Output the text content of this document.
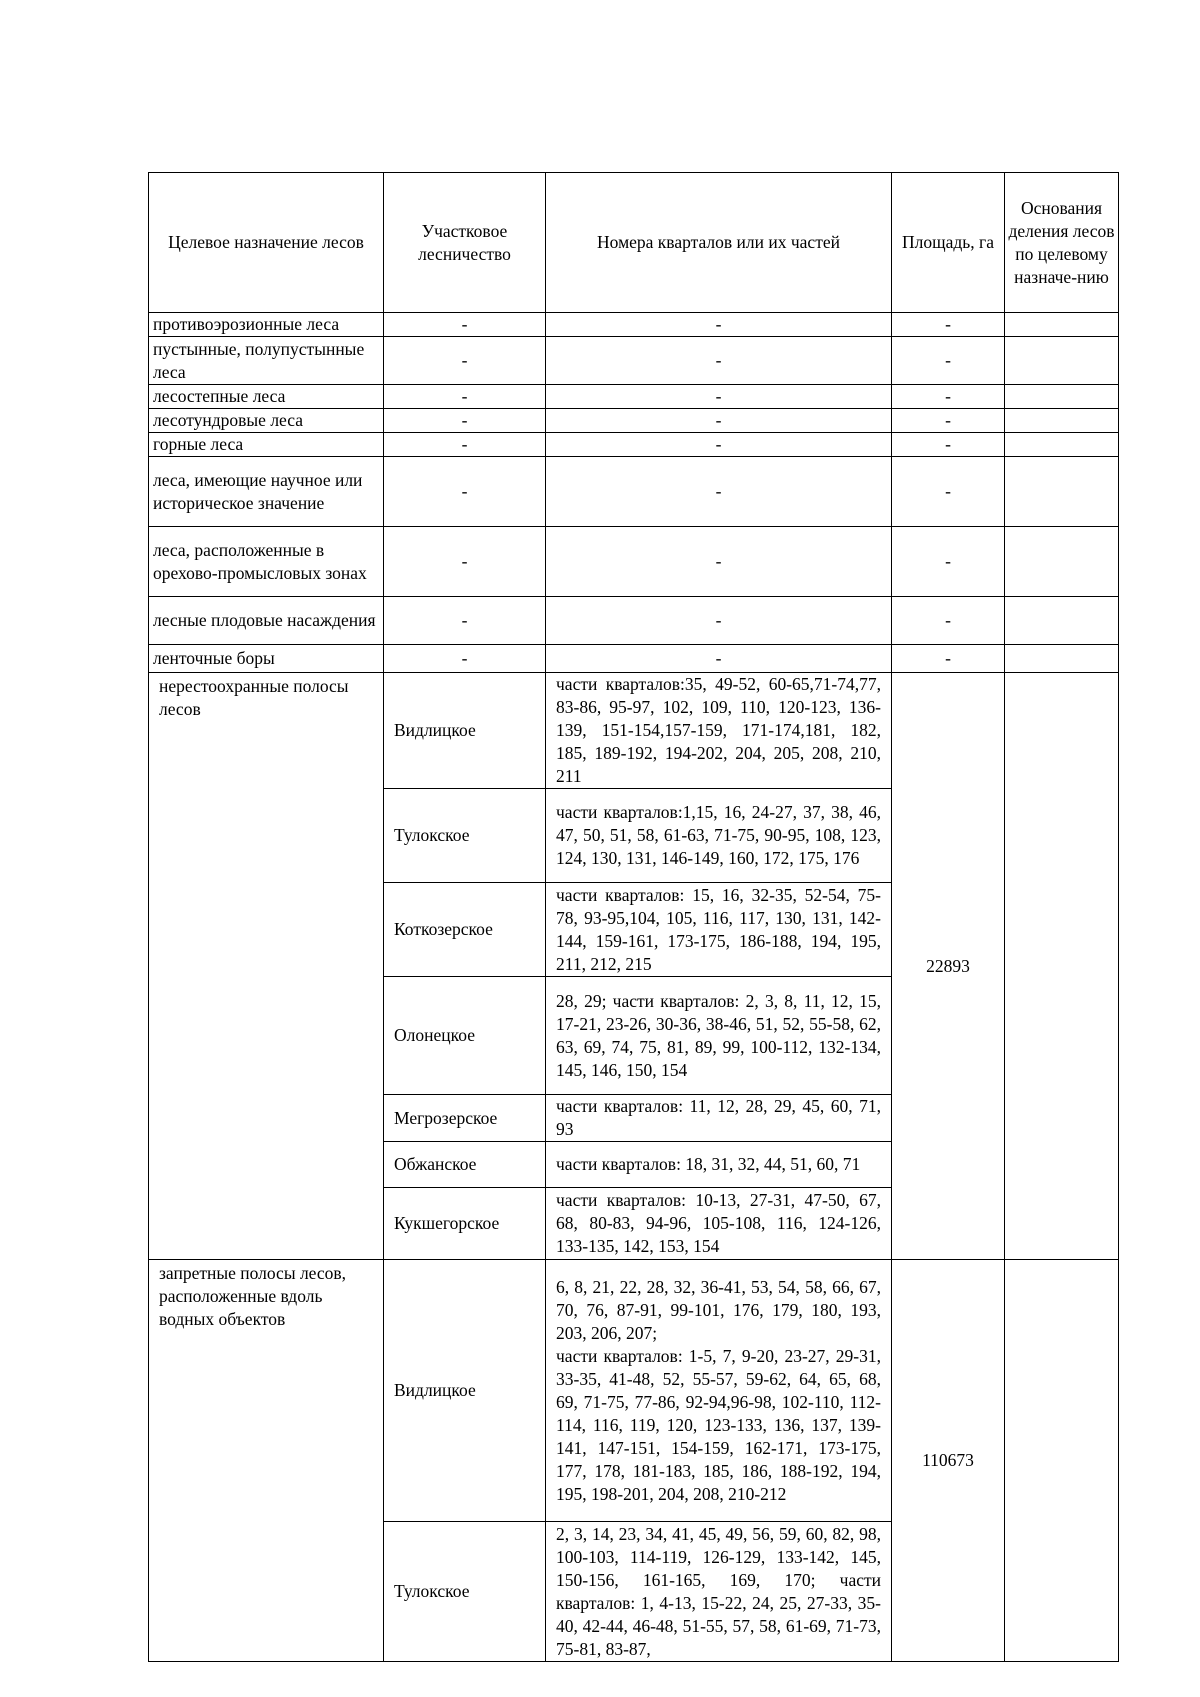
Целевое назначение лесов	Участковое лесничество	Номера кварталов или их частей	Площадь, га	Основания деления лесов по целевому назначе-нию
противоэрозионные леса	-	-	-	
пустынные, полупустынные леса	-	-	-	
лесостепные леса	-	-	-	
лесотундровые леса	-	-	-	
горные леса	-	-	-	
леса, имеющие научное или историческое значение	-	-	-	
леса, расположенные в орехово-промысловых зонах	-	-	-	
лесные плодовые насаждения	-	-	-	
ленточные боры	-	-	-	
нерестоохранные полосы лесов	Видлицкое	части кварталов:35, 49-52, 60-65,71-74,77, 83-86, 95-97, 102, 109, 110, 120-123, 136-139, 151-154,157-159, 171-174,181, 182, 185, 189-192, 194-202, 204, 205, 208, 210, 211	22893	
	Тулокское	части кварталов:1,15, 16, 24-27, 37, 38, 46, 47, 50, 51, 58, 61-63, 71-75, 90-95, 108, 123, 124, 130, 131, 146-149, 160, 172, 175, 176		
	Коткозерское	части кварталов: 15, 16, 32-35, 52-54, 75-78, 93-95,104, 105, 116, 117, 130, 131, 142-144, 159-161, 173-175, 186-188, 194, 195, 211, 212, 215		
	Олонецкое	28, 29; части кварталов: 2, 3, 8, 11, 12, 15, 17-21, 23-26, 30-36, 38-46, 51, 52, 55-58, 62, 63, 69, 74, 75, 81, 89, 99, 100-112, 132-134, 145, 146, 150, 154		
	Мегрозерское	части кварталов: 11, 12, 28, 29, 45, 60, 71, 93		
	Обжанское	части кварталов: 18, 31, 32, 44, 51, 60, 71		
	Кукшегорское	части кварталов: 10-13, 27-31, 47-50, 67, 68, 80-83, 94-96, 105-108, 116, 124-126, 133-135, 142, 153, 154		
запретные полосы лесов, расположенные вдоль водных объектов	Видлицкое	6, 8, 21, 22, 28, 32, 36-41, 53, 54, 58, 66, 67, 70, 76, 87-91, 99-101, 176, 179, 180, 193, 203, 206, 207;
части кварталов: 1-5, 7, 9-20, 23-27, 29-31, 33-35, 41-48, 52, 55-57, 59-62, 64, 65, 68, 69, 71-75, 77-86, 92-94,96-98, 102-110, 112-114, 116, 119, 120, 123-133, 136, 137, 139-141, 147-151, 154-159, 162-171, 173-175, 177, 178, 181-183, 185, 186, 188-192, 194, 195, 198-201, 204, 208, 210-212	110673	
	Тулокское	2, 3, 14, 23, 34, 41, 45, 49, 56, 59, 60, 82, 98, 100-103, 114-119, 126-129, 133-142, 145, 150-156, 161-165, 169, 170; части кварталов: 1, 4-13, 15-22, 24, 25, 27-33, 35-40, 42-44, 46-48, 51-55, 57, 58, 61-69, 71-73, 75-81, 83-87,		
